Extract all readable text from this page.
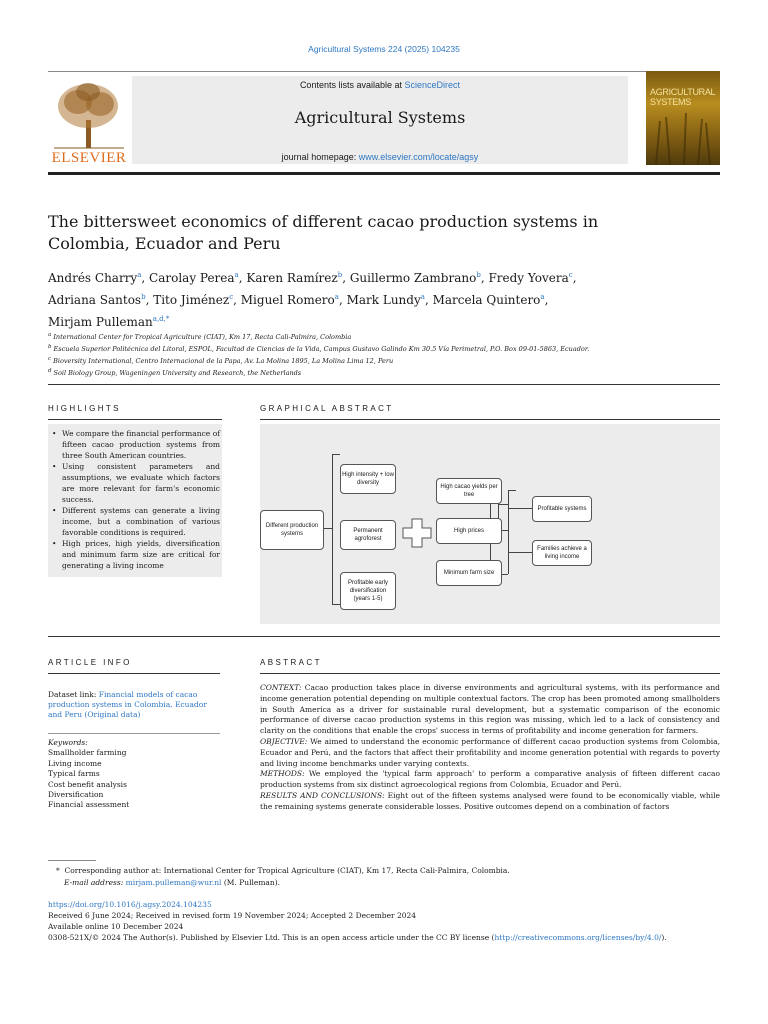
Agricultural Systems 224 (2025) 104235
ELSEVIER
Contents lists available at ScienceDirect
Agricultural Systems
journal homepage: www.elsevier.com/locate/agsy
AGRICULTURAL SYSTEMS
The bittersweet economics of different cacao production systems in
Colombia, Ecuador and Peru
Andrés Charry$^a$, Carolay Perea$^a$, Karen Ramírez$^b$, Guillermo Zambrano$^b$, Fredy Yovera$^c$,
Adriana Santos$^b$, Tito Jiménez$^c$, Miguel Romero$^a$, Mark Lundy$^a$, Marcela Quintero$^a$,
Mirjam Pulleman$^{a,d,*}$
$^a$ International Center for Tropical Agriculture (CIAT), Km 17, Recta Cali-Palmira, Colombia
$^b$ Escuela Superior Politécnica del Litoral, ESPOL, Facultad de Ciencias de la Vida, Campus Gustavo Galindo Km 30.5 Vía Perimetral, P.O. Box 09-01-5863, Ecuador.
$^c$ Bioversity International, Centro Internacional de la Papa, Av. La Molina 1895, La Molina Lima 12, Peru
$^d$ Soil Biology Group, Wageningen University and Research, the Netherlands
HIGHLIGHTS
• We compare the financial performance of fifteen cacao production systems from three South American countries.
• Using consistent parameters and assumptions, we evaluate which factors are more relevant for farm's economic success.
• Different systems can generate a living income, but a combination of various favorable conditions is required.
• High prices, high yields, diversification and minimum farm size are critical for generating a living income
GRAPHICAL ABSTRACT
Different production systems
High intensity + low diversity
Permanent agroforest
Profitable early diversification (years 1-5)
High cacao yields per tree
High prices
Minimum farm size
Profitable systems
Families achieve a living income
ARTICLE INFO
Dataset link: Financial models of cacao production systems in Colombia, Ecuador and Peru (Original data)
Keywords:
Smallholder farming
Living income
Typical farms
Cost benefit analysis
Diversification
Financial assessment
ABSTRACT

CONTEXT: Cacao production takes place in diverse environments and agricultural systems, with its performance and income generation potential depending on multiple contextual factors. The crop has been promoted among smallholders in South America as a driver for sustainable rural development, but a systematic comparison of the economic performance of diverse cacao production systems in this region was missing, which led to a lack of consistency and clarity on the conditions that enable the crops' success in terms of profitability and income generation for farmers.

OBJECTIVE: We aimed to understand the economic performance of different cacao production systems from Colombia, Ecuador and Perú, and the factors that affect their profitability and income generation potential with regards to poverty and living income benchmarks under varying contexts.

METHODS: We employed the 'typical farm approach' to perform a comparative analysis of fifteen different cacao production systems from six distinct agroecological regions from Colombia, Ecuador and Perú.

RESULTS AND CONCLUSIONS: Eight out of the fifteen systems analysed were found to be economically viable, while the remaining systems generate considerable losses. Positive outcomes depend on a combination of factors

* Corresponding author at: International Center for Tropical Agriculture (CIAT), Km 17, Recta Cali-Palmira, Colombia.
E-mail address: mirjam.pulleman@wur.nl (M. Pulleman).
https://doi.org/10.1016/j.agsy.2024.104235
Received 6 June 2024; Received in revised form 19 November 2024; Accepted 2 December 2024
Available online 10 December 2024
0308-521X/© 2024 The Author(s). Published by Elsevier Ltd. This is an open access article under the CC BY license (http://creativecommons.org/licenses/by/4.0/).
